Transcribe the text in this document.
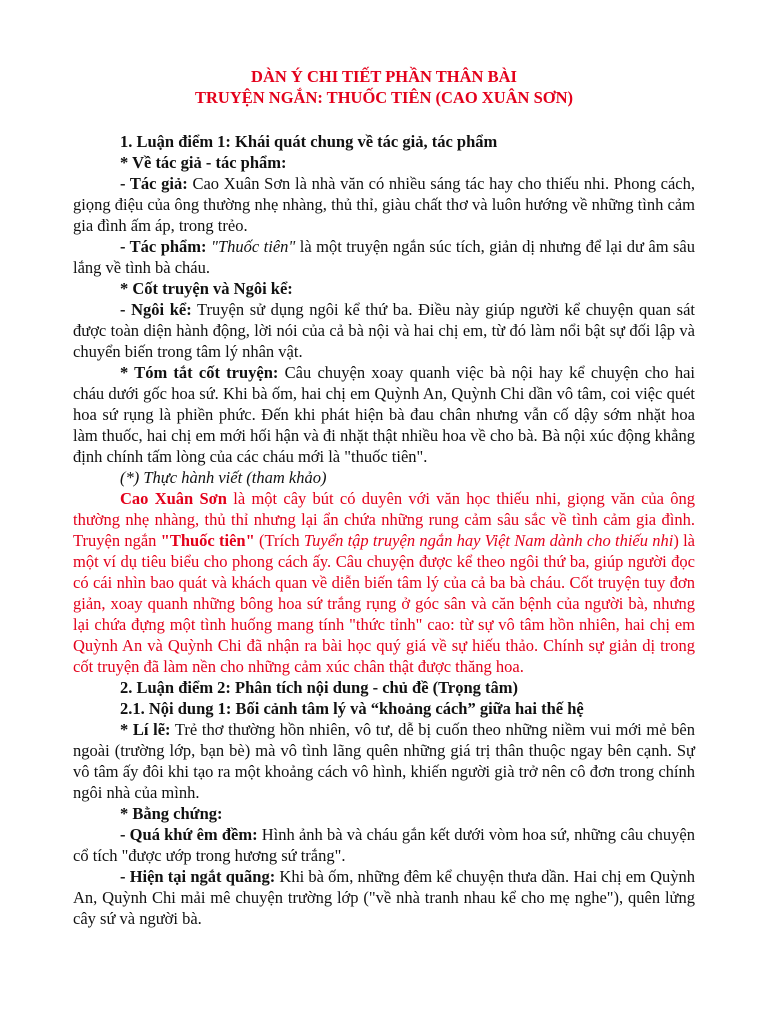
DÀN Ý CHI TIẾT PHẦN THÂN BÀI
TRUYỆN NGẮN: THUỐC TIÊN (CAO XUÂN SƠN)

1. Luận điểm 1: Khái quát chung về tác giả, tác phẩm

* Về tác giả - tác phẩm:

- Tác giả: Cao Xuân Sơn là nhà văn có nhiều sáng tác hay cho thiếu nhi. Phong cách, giọng điệu của ông thường nhẹ nhàng, thủ thỉ, giàu chất thơ và luôn hướng về những tình cảm gia đình ấm áp, trong trẻo.

- Tác phẩm: "Thuốc tiên" là một truyện ngắn súc tích, giản dị nhưng để lại dư âm sâu lắng về tình bà cháu.

* Cốt truyện và Ngôi kể:

- Ngôi kể: Truyện sử dụng ngôi kể thứ ba. Điều này giúp người kể chuyện quan sát được toàn diện hành động, lời nói của cả bà nội và hai chị em, từ đó làm nổi bật sự đối lập và chuyển biến trong tâm lý nhân vật.

* Tóm tắt cốt truyện: Câu chuyện xoay quanh việc bà nội hay kể chuyện cho hai cháu dưới gốc hoa sứ. Khi bà ốm, hai chị em Quỳnh An, Quỳnh Chi dần vô tâm, coi việc quét hoa sứ rụng là phiền phức. Đến khi phát hiện bà đau chân nhưng vẫn cố dậy sớm nhặt hoa làm thuốc, hai chị em mới hối hận và đi nhặt thật nhiều hoa về cho bà. Bà nội xúc động khẳng định chính tấm lòng của các cháu mới là "thuốc tiên".

(*) Thực hành viết (tham khảo)

Cao Xuân Sơn là một cây bút có duyên với văn học thiếu nhi, giọng văn của ông thường nhẹ nhàng, thủ thỉ nhưng lại ẩn chứa những rung cảm sâu sắc về tình cảm gia đình. Truyện ngắn "Thuốc tiên" (Trích Tuyển tập truyện ngắn hay Việt Nam dành cho thiếu nhi) là một ví dụ tiêu biểu cho phong cách ấy. Câu chuyện được kể theo ngôi thứ ba, giúp người đọc có cái nhìn bao quát và khách quan về diễn biến tâm lý của cả ba bà cháu. Cốt truyện tuy đơn giản, xoay quanh những bông hoa sứ trắng rụng ở góc sân và căn bệnh của người bà, nhưng lại chứa đựng một tình huống mang tính "thức tỉnh" cao: từ sự vô tâm hồn nhiên, hai chị em Quỳnh An và Quỳnh Chi đã nhận ra bài học quý giá về sự hiếu thảo. Chính sự giản dị trong cốt truyện đã làm nền cho những cảm xúc chân thật được thăng hoa.

2. Luận điểm 2: Phân tích nội dung - chủ đề (Trọng tâm)

2.1. Nội dung 1: Bối cảnh tâm lý và “khoảng cách” giữa hai thế hệ

* Lí lẽ: Trẻ thơ thường hồn nhiên, vô tư, dễ bị cuốn theo những niềm vui mới mẻ bên ngoài (trường lớp, bạn bè) mà vô tình lãng quên những giá trị thân thuộc ngay bên cạnh. Sự vô tâm ấy đôi khi tạo ra một khoảng cách vô hình, khiến người già trở nên cô đơn trong chính ngôi nhà của mình.

* Bằng chứng:

- Quá khứ êm đềm: Hình ảnh bà và cháu gắn kết dưới vòm hoa sứ, những câu chuyện cổ tích "được ướp trong hương sứ trắng".

- Hiện tại ngắt quãng: Khi bà ốm, những đêm kể chuyện thưa dần. Hai chị em Quỳnh An, Quỳnh Chi mải mê chuyện trường lớp ("về nhà tranh nhau kể cho mẹ nghe"), quên lửng cây sứ và người bà.
